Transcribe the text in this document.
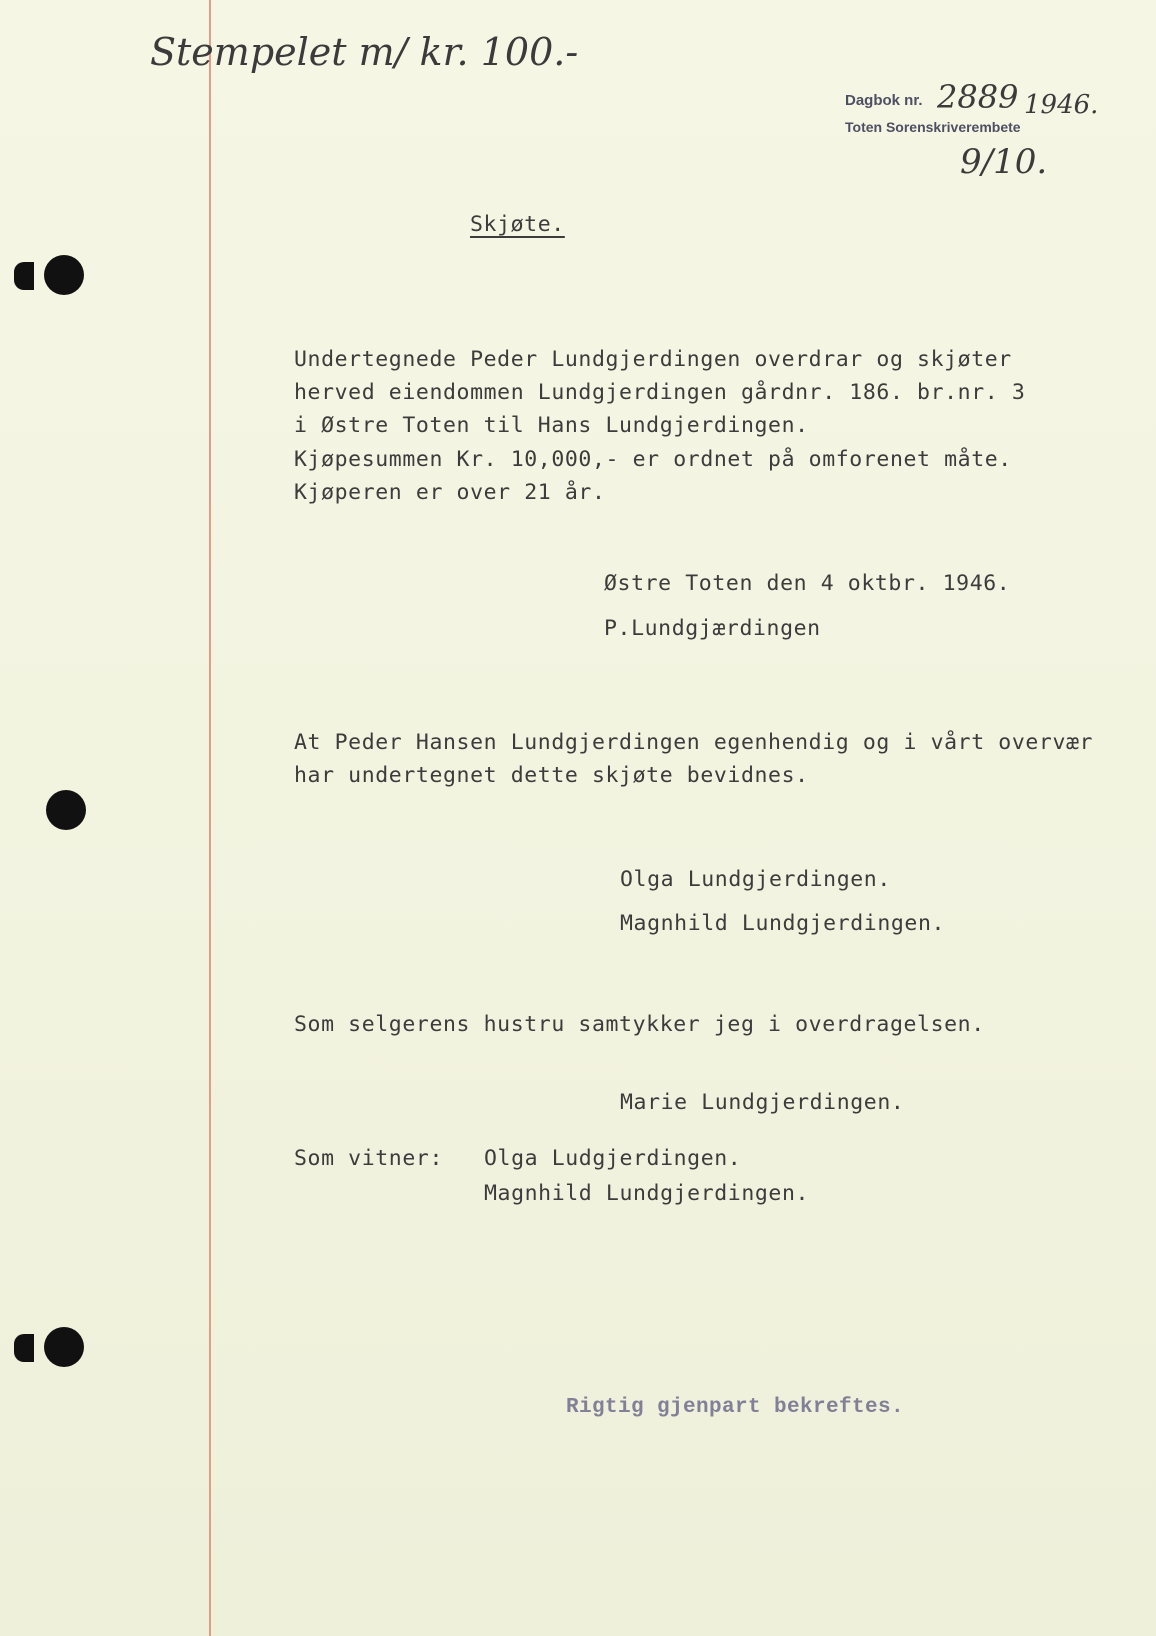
Stempelet m/ kr. 100.-
Dagbok nr. 2889 1946.
Toten Sorenskriverembete
9/10.
Skjøte.
Undertegnede Peder Lundgjerdingen overdrar og skjøter
herved eiendommen Lundgjerdingen gårdnr. 186. br.nr. 3
i Østre Toten til Hans Lundgjerdingen.
Kjøpesummen Kr. 10,000,- er ordnet på omforenet måte.
Kjøperen er over 21 år.
Østre Toten den 4 oktbr. 1946.
P.Lundgjærdingen
At Peder Hansen Lundgjerdingen egenhendig og i vårt overvær
har undertegnet dette skjøte bevidnes.
Olga Lundgjerdingen.
Magnhild Lundgjerdingen.
Som selgerens hustru samtykker jeg i overdragelsen.
Marie Lundgjerdingen.
Som vitner: Olga Ludgjerdingen.
Magnhild Lundgjerdingen.
Rigtig gjenpart bekreftes.
